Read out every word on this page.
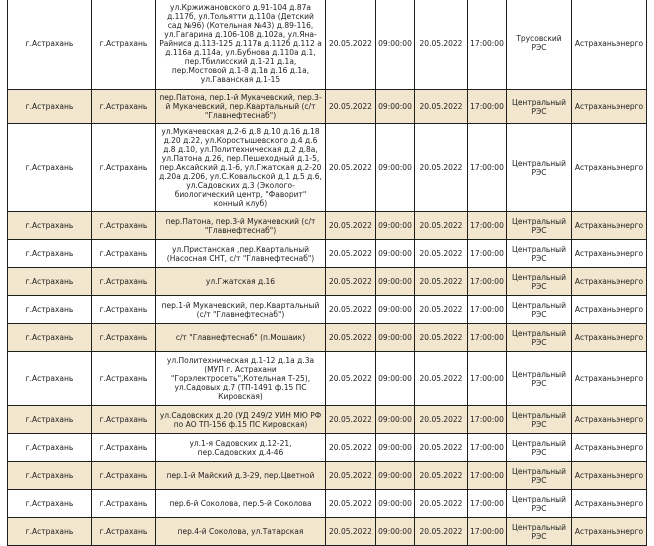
г.Астрахань	г.Астрахань	ул.Кржижановского д.91-104 д.87а д.117б, ул.Тольятти д.110а (Детский сад №96) (Котельная №43) д.89-116, ул.Гагарина д.106-108 д.102а, ул.Яна-Райниса д.113-125 д.117в д.112б д.112 а д.116а д.114а, ул.Бубнова д.110а д.1, пер.Тбилисский д.1-21 д.1а, пер.Мостовой д.1-8 д.1в д.16 д.1а, ул.Гаванская д.1-15	20.05.2022	09:00:00	20.05.2022	17:00:00	Трусовский РЭС	Астраханьэнерго
г.Астрахань	г.Астрахань	пер.Патона, пер.1-й Мукачевский, пер.3-й Мукачевский, пер.Квартальный (с/т "Главнефтеснаб")	20.05.2022	09:00:00	20.05.2022	17:00:00	Центральный РЭС	Астраханьэнерго
г.Астрахань	г.Астрахань	ул.Мукачевская д.2-6 д.8 д.10 д.16 д.18 д.20 д.22, ул.Коростышевского д.4 д.6 д.8 д.10, ул.Политехническая д.2 д.8а, ул.Патона д.26, пер.Пешеходный д.1-5, пер.Аксайский д.1-6, ул.Гжатская д.2-20 д.20а д.206, ул.С.Ковальской д.1 д.5 д.6, ул.Садовских д.3 (Эколого-биологический центр, "Фаворит" конный клуб)	20.05.2022	09:00:00	20.05.2022	17:00:00	Центральный РЭС	Астраханьэнерго
г.Астрахань	г.Астрахань	пер.Патона, пер.3-й Мукачевский (с/т "Главнефтеснаб")	20.05.2022	09:00:00	20.05.2022	17:00:00	Центральный РЭС	Астраханьэнерго
г.Астрахань	г.Астрахань	ул.Пристанская ,пер.Квартальный (Насосная СНТ, с/т "Главнефтеснаб")	20.05.2022	09:00:00	20.05.2022	17:00:00	Центральный РЭС	Астраханьэнерго
г.Астрахань	г.Астрахань	ул.Гжатская д.16	20.05.2022	09:00:00	20.05.2022	17:00:00	Центральный РЭС	Астраханьэнерго
г.Астрахань	г.Астрахань	пер.1-й Мукачевский, пер.Квартальный (с/т "Главнефтеснаб")	20.05.2022	09:00:00	20.05.2022	17:00:00	Центральный РЭС	Астраханьэнерго
г.Астрахань	г.Астрахань	с/т "Главнефтеснаб" (п.Мошаик)	20.05.2022	09:00:00	20.05.2022	17:00:00	Центральный РЭС	Астраханьэнерго
г.Астрахань	г.Астрахань	ул.Политехническая д.1-12 д.1а д.3а (МУП г. Астрахани "Горэлектросеть",Котельная Т-25), ул.Садовых д.7 (ТП-1491 ф.15 ПС Кировская)	20.05.2022	09:00:00	20.05.2022	17:00:00	Центральный РЭС	Астраханьэнерго
г.Астрахань	г.Астрахань	ул.Садовских д.20 (УД 249/2 УИН МЮ РФ по АО ТП-156 ф.15 ПС Кировская)	20.05.2022	09:00:00	20.05.2022	17:00:00	Центральный РЭС	Астраханьэнерго
г.Астрахань	г.Астрахань	ул.1-я Садовских д.12-21, пер.Садовских д.4-46	20.05.2022	09:00:00	20.05.2022	17:00:00	Центральный РЭС	Астраханьэнерго
г.Астрахань	г.Астрахань	пер.1-й Майский д.3-29, пер.Цветной	20.05.2022	09:00:00	20.05.2022	17:00:00	Центральный РЭС	Астраханьэнерго
г.Астрахань	г.Астрахань	пер.6-й Соколова, пер.5-й Соколова	20.05.2022	09:00:00	20.05.2022	17:00:00	Центральный РЭС	Астраханьэнерго
г.Астрахань	г.Астрахань	пер.4-й Соколова, ул.Татарская	20.05.2022	09:00:00	20.05.2022	17:00:00	Центральный РЭС	Астраханьэнерго
